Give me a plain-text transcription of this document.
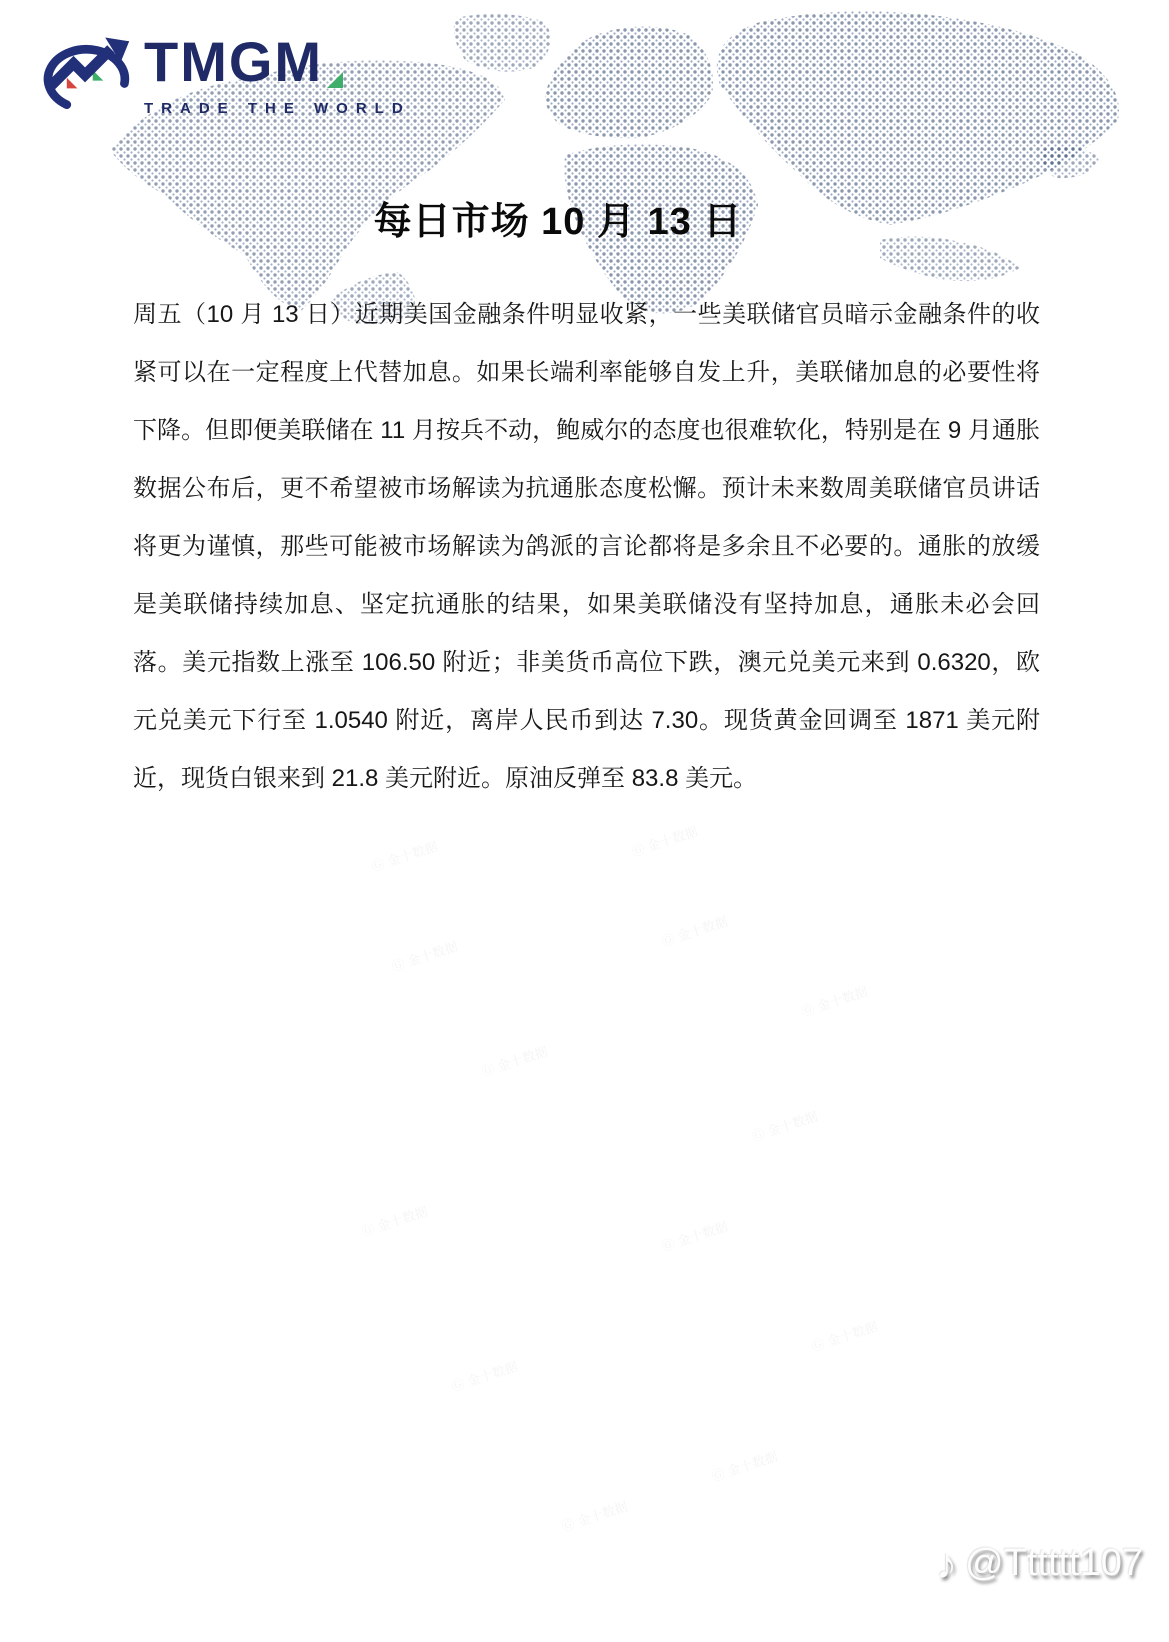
TMGM
TRADE THE WORLD
每日市场 10 月 13 日

周五（10 月 13 日）近期美国金融条件明显收紧，一些美联储官员暗示金融条件的收紧可以在一定程度上代替加息。如果长端利率能够自发上升，美联储加息的必要性将下降。但即便美联储在 11 月按兵不动，鲍威尔的态度也很难软化，特别是在 9 月通胀数据公布后，更不希望被市场解读为抗通胀态度松懈。预计未来数周美联储官员讲话将更为谨慎，那些可能被市场解读为鸽派的言论都将是多余且不必要的。通胀的放缓是美联储持续加息、坚定抗通胀的结果，如果美联储没有坚持加息，通胀未必会回落。美元指数上涨至 106.50 附近；非美货币高位下跌，澳元兑美元来到 0.6320，欧元兑美元下行至 1.0540 附近，离岸人民币到达 7.30。现货黄金回调至 1871 美元附近，现货白银来到 21.8 美元附近。原油反弹至 83.8 美元。

Ⓖ 金十数据	Ⓖ 金十数据
Ⓖ 金十数据
Ⓖ 金十数据
Ⓖ 金十数据
Ⓖ 金十数据
Ⓖ 金十数据
Ⓖ 金十数据	Ⓖ 金十数据
Ⓖ 金十数据
Ⓖ 金十数据
Ⓖ 金十数据
Ⓖ 金十数据
♪ @Tttttt107
